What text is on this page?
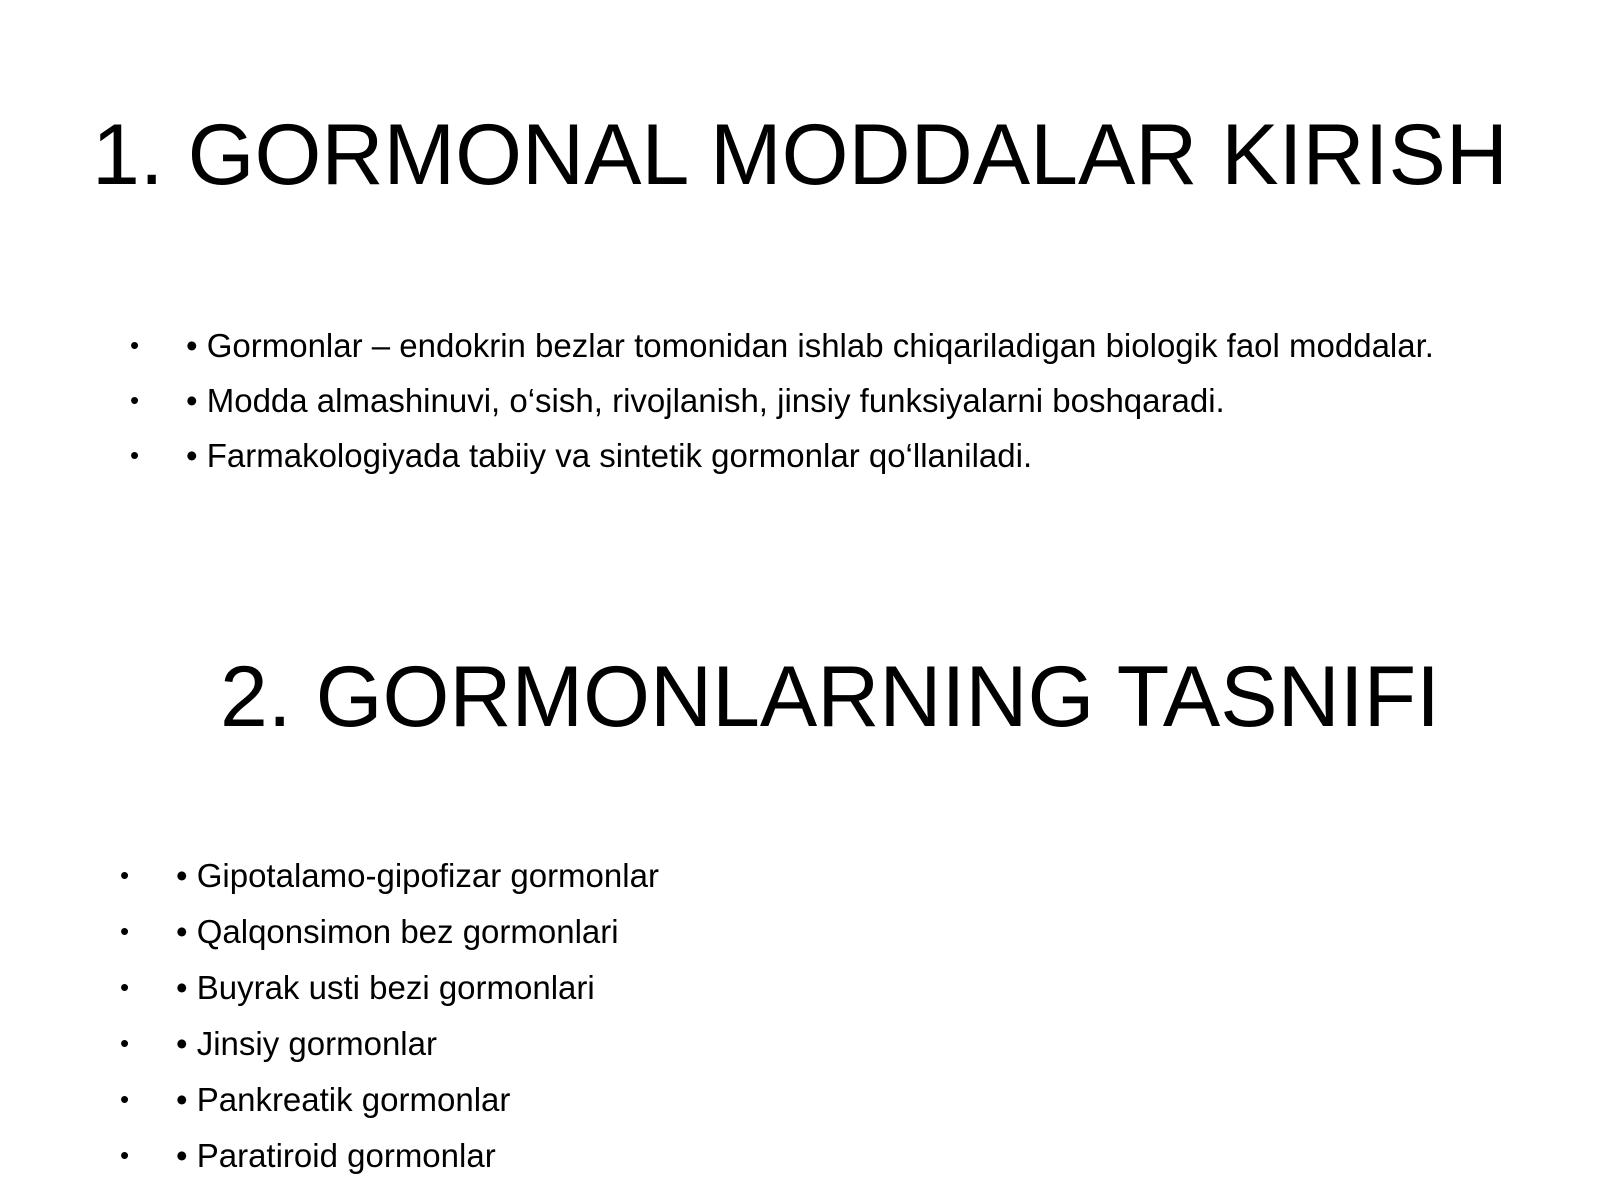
1. GORMONAL MODDALAR KIRISH
• • Gormonlar – endokrin bezlar tomonidan ishlab chiqariladigan biologik faol moddalar.
• • Modda almashinuvi, o‘sish, rivojlanish, jinsiy funksiyalarni boshqaradi.
• • Farmakologiyada tabiiy va sintetik gormonlar qo‘llaniladi.
2. GORMONLARNING TASNIFI
• • Gipotalamo-gipofizar gormonlar
• • Qalqonsimon bez gormonlari
• • Buyrak usti bezi gormonlari
• • Jinsiy gormonlar
• • Pankreatik gormonlar
• • Paratiroid gormonlar
